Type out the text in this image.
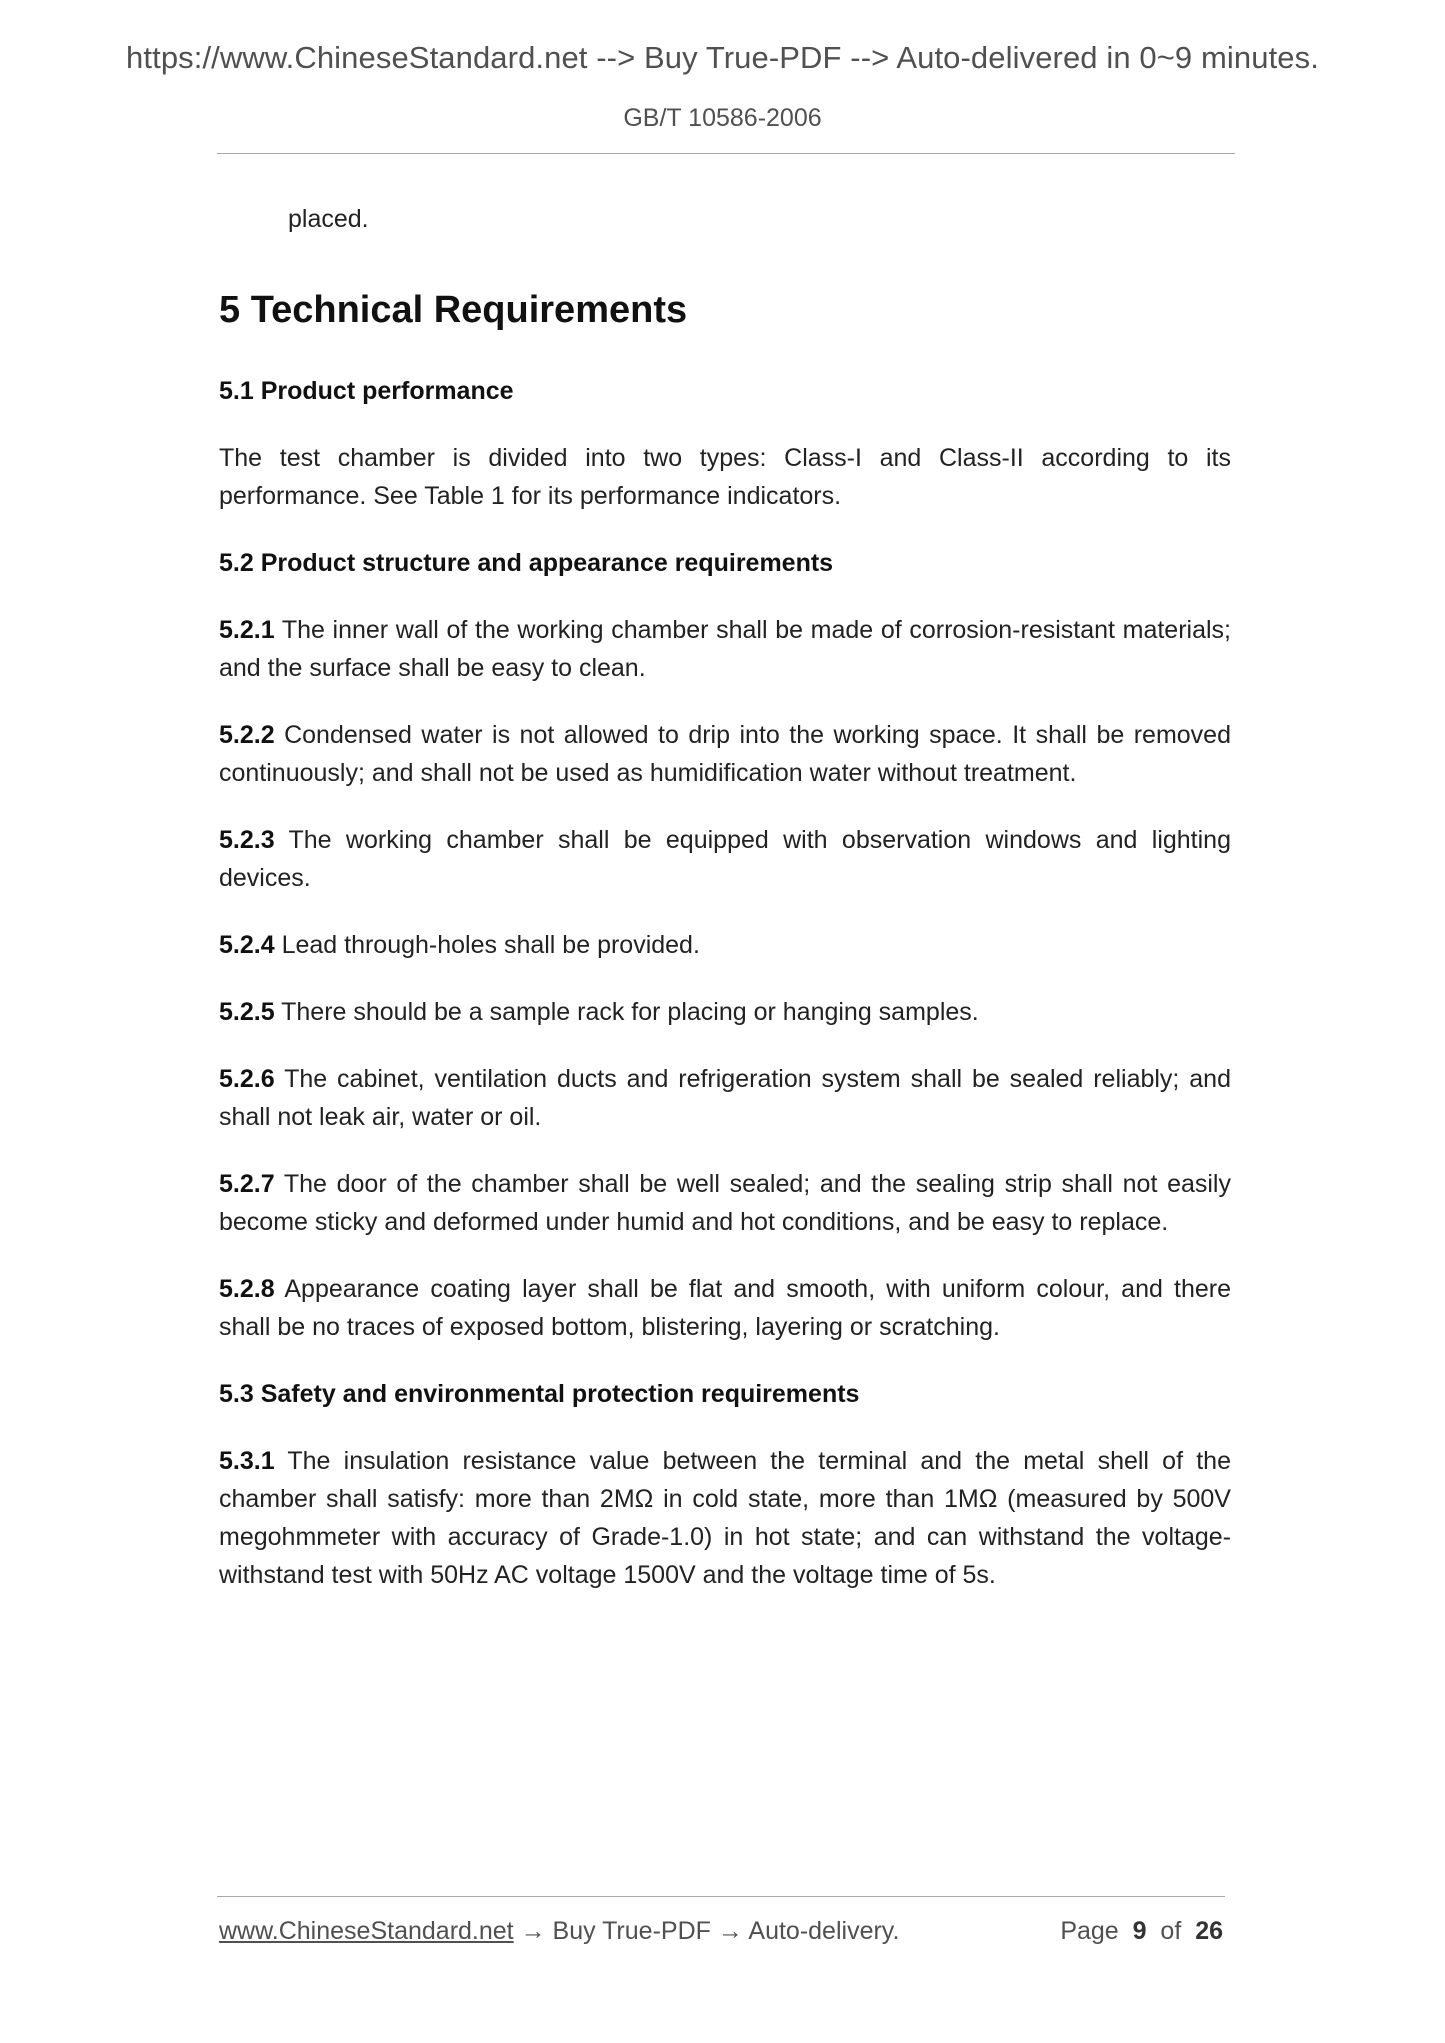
https://www.ChineseStandard.net --> Buy True-PDF --> Auto-delivered in 0~9 minutes.
GB/T 10586-2006

placed.

5 Technical Requirements
5.1 Product performance

The test chamber is divided into two types: Class-I and Class-II according to its performance. See Table 1 for its performance indicators.

5.2 Product structure and appearance requirements

5.2.1 The inner wall of the working chamber shall be made of corrosion-resistant materials; and the surface shall be easy to clean.

5.2.2 Condensed water is not allowed to drip into the working space. It shall be removed continuously; and shall not be used as humidification water without treatment.

5.2.3 The working chamber shall be equipped with observation windows and lighting devices.

5.2.4 Lead through-holes shall be provided.

5.2.5 There should be a sample rack for placing or hanging samples.

5.2.6 The cabinet, ventilation ducts and refrigeration system shall be sealed reliably; and shall not leak air, water or oil.

5.2.7 The door of the chamber shall be well sealed; and the sealing strip shall not easily become sticky and deformed under humid and hot conditions, and be easy to replace.

5.2.8 Appearance coating layer shall be flat and smooth, with uniform colour, and there shall be no traces of exposed bottom, blistering, layering or scratching.

5.3 Safety and environmental protection requirements

5.3.1 The insulation resistance value between the terminal and the metal shell of the chamber shall satisfy: more than 2MΩ in cold state, more than 1MΩ (measured by 500V megohmmeter with accuracy of Grade-1.0) in hot state; and can withstand the voltage-withstand test with 50Hz AC voltage 1500V and the voltage time of 5s.

www.ChineseStandard.net → Buy True-PDF → Auto-delivery.	Page 9 of 26
